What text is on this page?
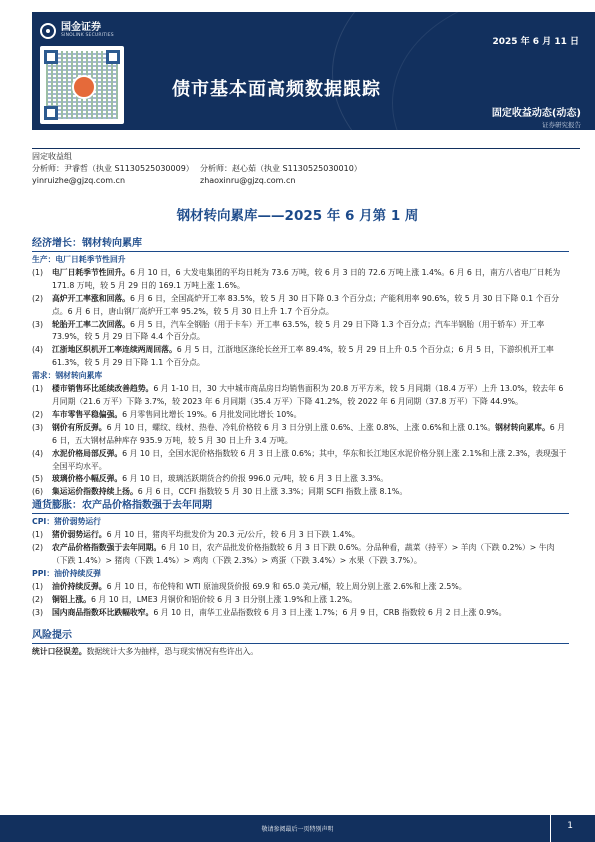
国金证券
SINOLINK SECURITIES
2025 年 6 月 11 日
债市基本面高频数据跟踪
固定收益动态(动态)
证券研究报告
固定收益组
分析师：尹睿哲（执业 S1130525030009） 分析师：赵心茹（执业 S1130525030010）
yinruizhe@gjzq.com.cn	zhaoxinru@gjzq.com.cn
钢材转向累库——2025 年 6 月第 1 周
经济增长：钢材转向累库
生产：电厂日耗季节性回升
(1)	电厂日耗季节性回升。6 月 10 日，6 大发电集团的平均日耗为 73.6 万吨，较 6 月 3 日的 72.6 万吨上涨 1.4%。6 月 6 日，南方八省电厂日耗为 171.8 万吨，较 5 月 29 日的 169.1 万吨上涨 1.6%。
(2)	高炉开工率涨和回落。6 月 6 日，全国高炉开工率 83.5%，较 5 月 30 日下降 0.3 个百分点；产能利用率 90.6%，较 5 月 30 日下降 0.1 个百分点。6 月 6 日，唐山钢厂高炉开工率 95.2%，较 5 月 30 日上升 1.7 个百分点。
(3)	轮胎开工率二次回落。6 月 5 日，汽车全钢胎（用于卡车）开工率 63.5%，较 5 月 29 日下降 1.3 个百分点；汽车半钢胎（用于轿车）开工率 73.9%，较 5 月 29 日下降 4.4 个百分点。
(4)	江浙地区织机开工率连续两周回落。6 月 5 日，江浙地区涤纶长丝开工率 89.4%，较 5 月 29 日上升 0.5 个百分点；6 月 5 日，下游织机开工率 61.3%，较 5 月 29 日下降 1.1 个百分点。
需求：钢材转向累库
(1)	楼市销售环比延续改善趋势。6 月 1-10 日，30 大中城市商品房日均销售面积为 20.8 万平方米，较 5 月同期（18.4 万平）上升 13.0%，较去年 6 月同期（21.6 万平）下降 3.7%，较 2023 年 6 月同期（35.4 万平）下降 41.2%，较 2022 年 6 月同期（37.8 万平）下降 44.9%。
(2)	车市零售平稳偏强。6 月零售同比增长 19%。6 月批发同比增长 10%。
(3)	钢价有所反弹。6 月 10 日，螺纹、线材、热卷、冷轧价格较 6 月 3 日分别上涨 0.6%、上涨 0.8%、上涨 0.6%和上涨 0.1%。钢材转向累库。6 月 6 日，五大钢材品种库存 935.9 万吨，较 5 月 30 日上升 3.4 万吨。
(4)	水泥价格局部反弹。6 月 10 日，全国水泥价格指数较 6 月 3 日上涨 0.6%；其中，华东和长江地区水泥价格分别上涨 2.1%和上涨 2.3%，表现强于全国平均水平。
(5)	玻璃价格小幅反弹。6 月 10 日，玻璃活跃期货合约价报 996.0 元/吨，较 6 月 3 日上涨 3.3%。
(6)	集运运价指数持续上扬。6 月 6 日，CCFI 指数较 5 月 30 日上涨 3.3%；同期 SCFI 指数上涨 8.1%。
通货膨胀：农产品价格指数强于去年同期
CPI：猪价弱势运行
(1)	猪价弱势运行。6 月 10 日，猪肉平均批发价为 20.3 元/公斤，较 6 月 3 日下跌 1.4%。
(2)	农产品价格指数强于去年同期。6 月 10 日，农产品批发价格指数较 6 月 3 日下跌 0.6%。分品种看，蔬菜（持平）> 羊肉（下跌 0.2%）> 牛肉（下跌 1.4%）> 猪肉（下跌 1.4%）> 鸡肉（下跌 2.3%）> 鸡蛋（下跌 3.4%）> 水果（下跌 3.7%）。
PPI：油价持续反弹
(1)	油价持续反弹。6 月 10 日，布伦特和 WTI 原油现货价报 69.9 和 65.0 美元/桶，较上周分别上涨 2.6%和上涨 2.5%。
(2)	铜铝上涨。6 月 10 日，LME3 月铜价和铝价较 6 月 3 日分别上涨 1.9%和上涨 1.2%。
(3)	国内商品指数环比跌幅收窄。6 月 10 日，南华工业品指数较 6 月 3 日上涨 1.7%；6 月 9 日，CRB 指数较 6 月 2 日上涨 0.9%。
风险提示
统计口径误差。数据统计大多为抽样，恐与现实情况有些许出入。
敬请参阅最后一页特别声明	1
